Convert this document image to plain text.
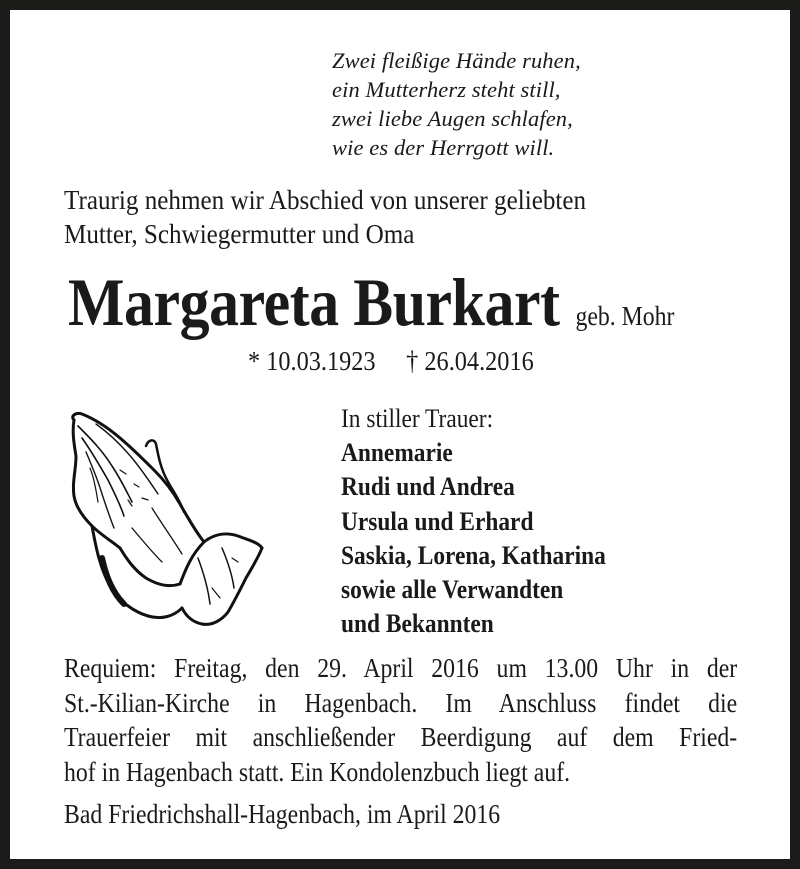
Zwei fleißige Hände ruhen,
ein Mutterherz steht still,
zwei liebe Augen schlafen,
wie es der Herrgott will.
Traurig nehmen wir Abschied von unserer geliebten
Mutter, Schwiegermutter und Oma
Margareta Burkart geb. Mohr
* 10.03.1923 † 26.04.2016
In stiller Trauer:
Annemarie
Rudi und Andrea
Ursula und Erhard
Saskia, Lorena, Katharina
sowie alle Verwandten
und Bekannten
Requiem: Freitag, den 29. April 2016 um 13.00 Uhr in der
St.-Kilian-Kirche in Hagenbach. Im Anschluss findet die
Trauerfeier mit anschließender Beerdigung auf dem Fried-
hof in Hagenbach statt. Ein Kondolenzbuch liegt auf.
Bad Friedrichshall-Hagenbach, im April 2016
